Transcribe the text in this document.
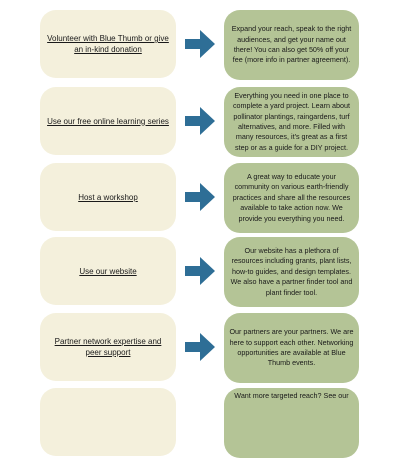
Volunteer with Blue Thumb or give an in-kind donation
Expand your reach, speak to the right audiences, and get your name out there! You can also get 50% off your fee (more info in partner agreement).
Use our free online learning series
Everything you need in one place to complete a yard project. Learn about pollinator plantings, raingardens, turf alternatives, and more. Filled with many resources, it's great as a first step or as a guide for a DIY project.
Host a workshop
A great way to educate your community on various earth-friendly practices and share all the resources available to take action now. We provide you everything you need.
Use our website
Our website has a plethora of resources including grants, plant lists, how-to guides, and design templates. We also have a partner finder tool and plant finder tool.
Partner network expertise and peer support
Our partners are your partners. We are here to support each other. Networking opportunities are available at Blue Thumb events.
Want more targeted reach? See our
